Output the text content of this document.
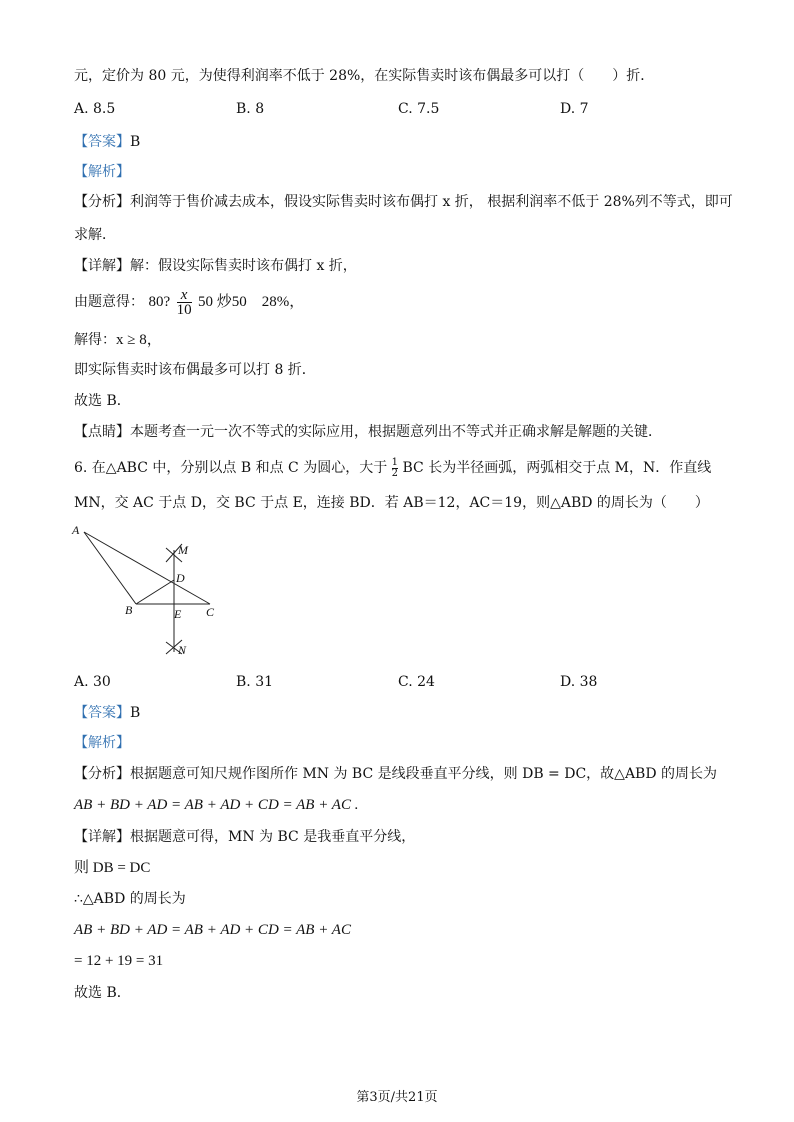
元，定价为 80 元，为使得利润率不低于 28%，在实际售卖时该布偶最多可以打（　　）折．
A. 8.5	B. 8	C. 7.5	D. 7
【答案】B
【解析】
【分析】利润等于售价减去成本，假设实际售卖时该布偶打 x 折， 根据利润率不低于 28%列不等式，即可
求解．
【详解】解：假设实际售卖时该布偶打 x 折，
由题意得： 80? $\frac{x}{10} 50$ 炒50　28%，
解得：x ≥ 8，
即实际售卖时该布偶最多可以打 8 折．
故选 B．
【点睛】本题考查一元一次不等式的实际应用，根据题意列出不等式并正确求解是解题的关键．
6. 在△ABC 中，分别以点 B 和点 C 为圆心，大于 $\frac{1}{2}$ BC 长为半径画弧，两弧相交于点 M，N．作直线
MN，交 AC 于点 D，交 BC 于点 E，连接 BD．若 AB＝12，AC＝19，则△ABD 的周长为（　　）
A
M
D
B	E C
N
A. 30	B. 31	C. 24	D. 38
【答案】B
【解析】
【分析】根据题意可知尺规作图所作 MN 为 BC 是线段垂直平分线，则 DB = DC，故△ABD 的周长为
AB + BD + AD = AB + AD + CD = AB + AC .
【详解】根据题意可得，MN 为 BC 是我垂直平分线，
则 DB = DC
∴△ABD 的周长为
AB + BD + AD = AB + AD + CD = AB + AC
= 12 + 19 = 31
故选 B．
第3页/共21页
